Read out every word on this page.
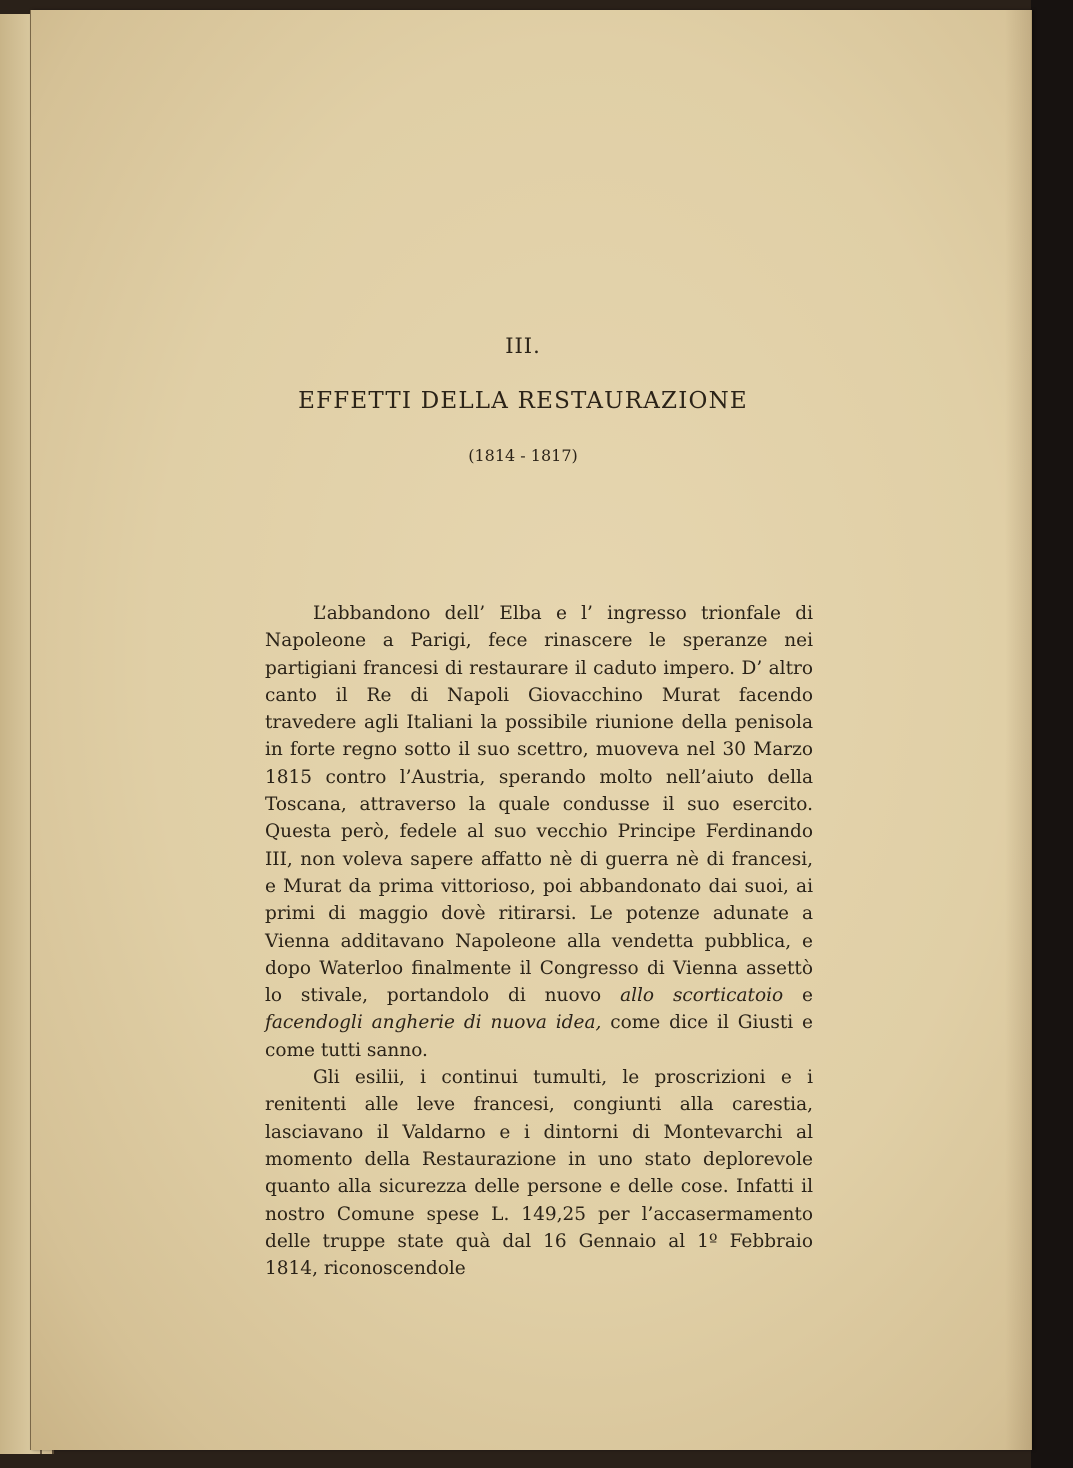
III.
EFFETTI DELLA RESTAURAZIONE
(1814 - 1817)

L’abbandono dell’ Elba e l’ ingresso trionfale di Napoleone a Parigi, fece rinascere le speranze nei partigiani francesi di restaurare il caduto impero. D’ altro canto il Re di Napoli Giovacchino Murat facendo travedere agli Italiani la possibile riunione della penisola in forte regno sotto il suo scettro, muoveva nel 30 Marzo 1815 contro l’Austria, sperando molto nell’aiuto della Toscana, attraverso la quale condusse il suo esercito. Questa però, fedele al suo vecchio Principe Ferdinando III, non voleva sapere affatto nè di guerra nè di francesi, e Murat da prima vittorioso, poi abbandonato dai suoi, ai primi di maggio dovè ritirarsi. Le potenze adunate a Vienna additavano Napoleone alla vendetta pubblica, e dopo Waterloo finalmente il Congresso di Vienna assettò lo stivale, portandolo di nuovo allo scorticatoio e facendogli angherie di nuova idea, come dice il Giusti e come tutti sanno.

Gli esilii, i continui tumulti, le proscrizioni e i renitenti alle leve francesi, congiunti alla carestia, lasciavano il Valdarno e i dintorni di Montevarchi al momento della Restaurazione in uno stato deplorevole quanto alla sicurezza delle persone e delle cose. Infatti il nostro Comune spese L. 149,25 per l’accasermamento delle truppe state quà dal 16 Gennaio al 1º Febbraio 1814, riconoscendole
